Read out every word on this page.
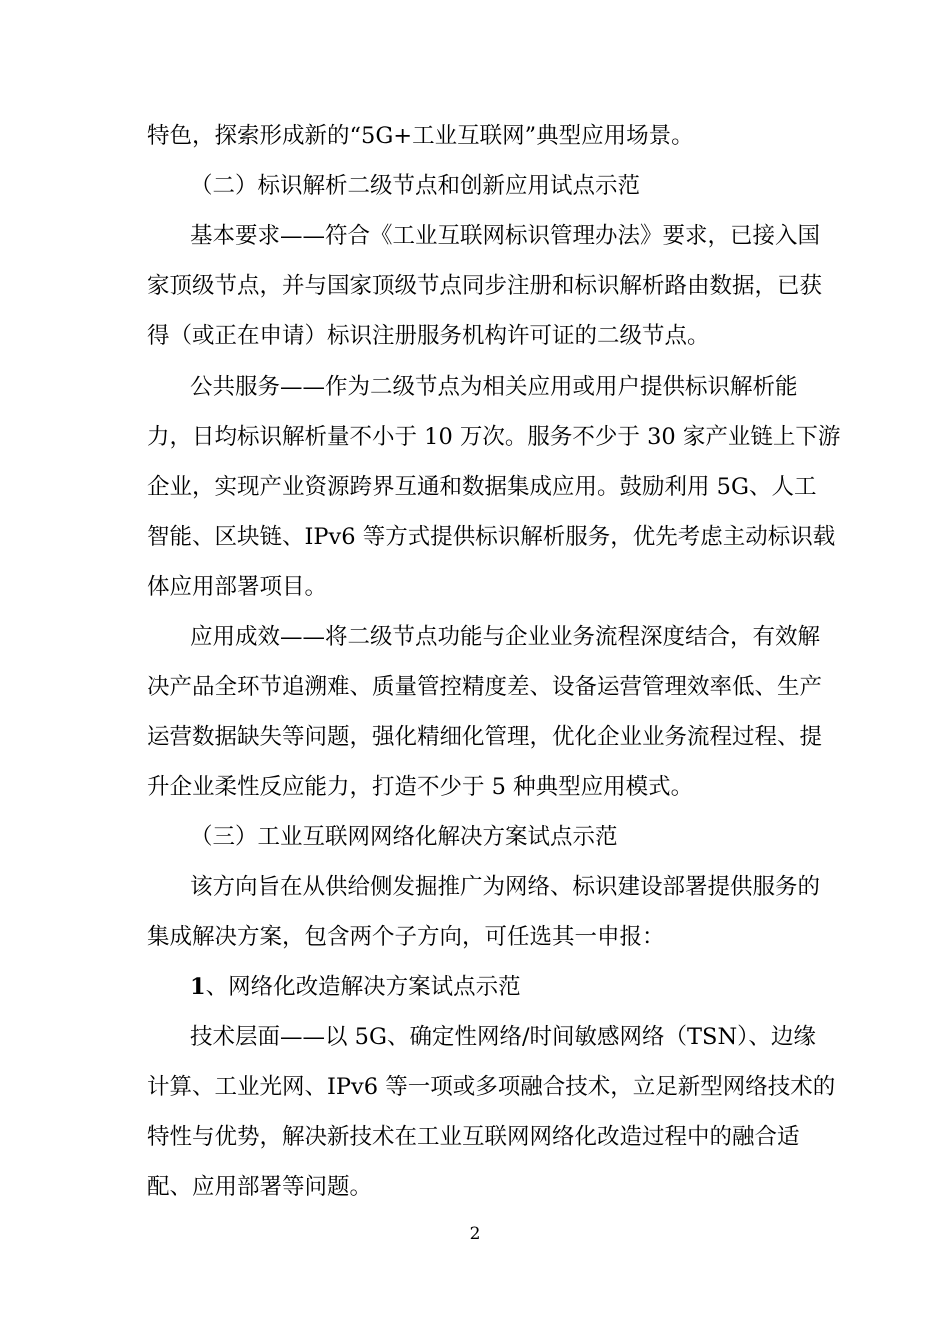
特色，探索形成新的“5G+工业互联网”典型应用场景。
（二）标识解析二级节点和创新应用试点示范
基本要求——符合《工业互联网标识管理办法》要求，已接入国
家顶级节点，并与国家顶级节点同步注册和标识解析路由数据，已获
得（或正在申请）标识注册服务机构许可证的二级节点。
公共服务——作为二级节点为相关应用或用户提供标识解析能
力，日均标识解析量不小于 10 万次。服务不少于 30 家产业链上下游
企业，实现产业资源跨界互通和数据集成应用。鼓励利用 5G、人工
智能、区块链、IPv6 等方式提供标识解析服务，优先考虑主动标识载
体应用部署项目。
应用成效——将二级节点功能与企业业务流程深度结合，有效解
决产品全环节追溯难、质量管控精度差、设备运营管理效率低、生产
运营数据缺失等问题，强化精细化管理，优化企业业务流程过程、提
升企业柔性反应能力，打造不少于 5 种典型应用模式。
（三）工业互联网网络化解决方案试点示范
该方向旨在从供给侧发掘推广为网络、标识建设部署提供服务的
集成解决方案，包含两个子方向，可任选其一申报：
1、网络化改造解决方案试点示范
技术层面——以 5G、确定性网络/时间敏感网络（TSN）、边缘
计算、工业光网、IPv6 等一项或多项融合技术，立足新型网络技术的
特性与优势，解决新技术在工业互联网网络化改造过程中的融合适
配、应用部署等问题。
2
